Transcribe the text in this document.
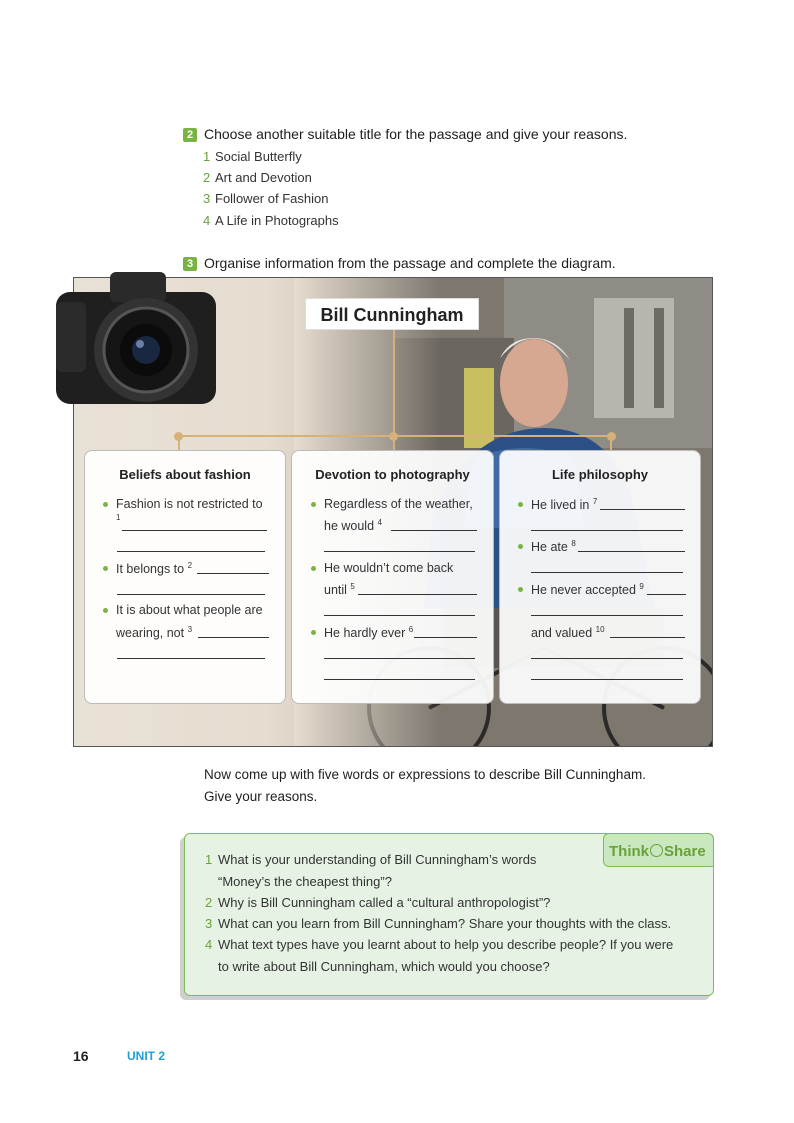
2 Choose another suitable title for the passage and give your reasons.
1 Social Butterfly
2 Art and Devotion
3 Follower of Fashion
4 A Life in Photographs
3 Organise information from the passage and complete the diagram.
Bill Cunningham
Beliefs about fashion
Fashion is not restricted to
$^1$
It belongs to $^2$
It is about what people are
wearing, not $^3$
Devotion to photography
Regardless of the weather,
he would $^4$
He wouldn’t come back
until $^5$
He hardly ever $^6$
Life philosophy
He lived in $^7$
He ate $^8$
He never accepted $^9$
and valued $^{10}$
Now come up with five words or expressions to describe Bill Cunningham.
Give your reasons.
Think Share
1 What is your understanding of Bill Cunningham’s words
“Money’s the cheapest thing”?
2 Why is Bill Cunningham called a “cultural anthropologist”?
3 What can you learn from Bill Cunningham? Share your thoughts with the class.
4 What text types have you learnt about to help you describe people? If you were
to write about Bill Cunningham, which would you choose?
16	UNIT 2
